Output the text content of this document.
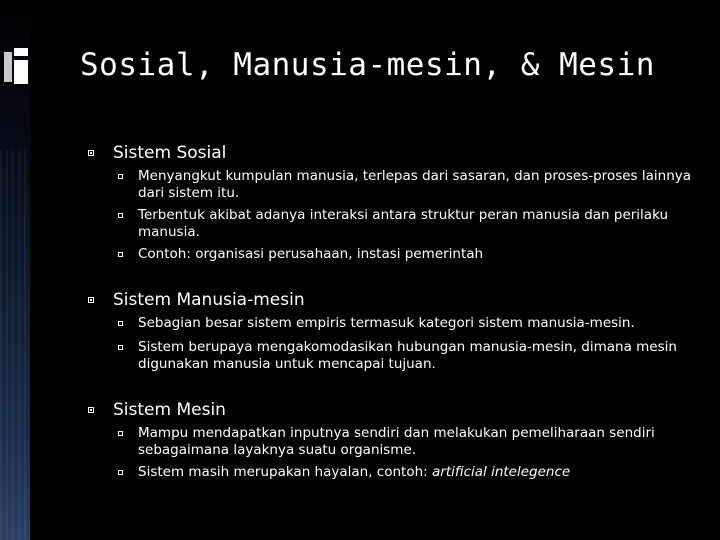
Sosial, Manusia-mesin, & Mesin
Sistem Sosial
Menyangkut kumpulan manusia, terlepas dari sasaran, dan proses-proses lainnya dari sistem itu.
Terbentuk akibat adanya interaksi antara struktur peran manusia dan perilaku manusia.
Contoh: organisasi perusahaan, instasi pemerintah
Sistem Manusia-mesin
Sebagian besar sistem empiris termasuk kategori sistem manusia-mesin.
Sistem berupaya mengakomodasikan hubungan manusia-mesin, dimana mesin digunakan manusia untuk mencapai tujuan.
Sistem Mesin
Mampu mendapatkan inputnya sendiri dan melakukan pemeliharaan sendiri sebagaimana layaknya suatu organisme.
Sistem masih merupakan hayalan, contoh: artificial intelegence
